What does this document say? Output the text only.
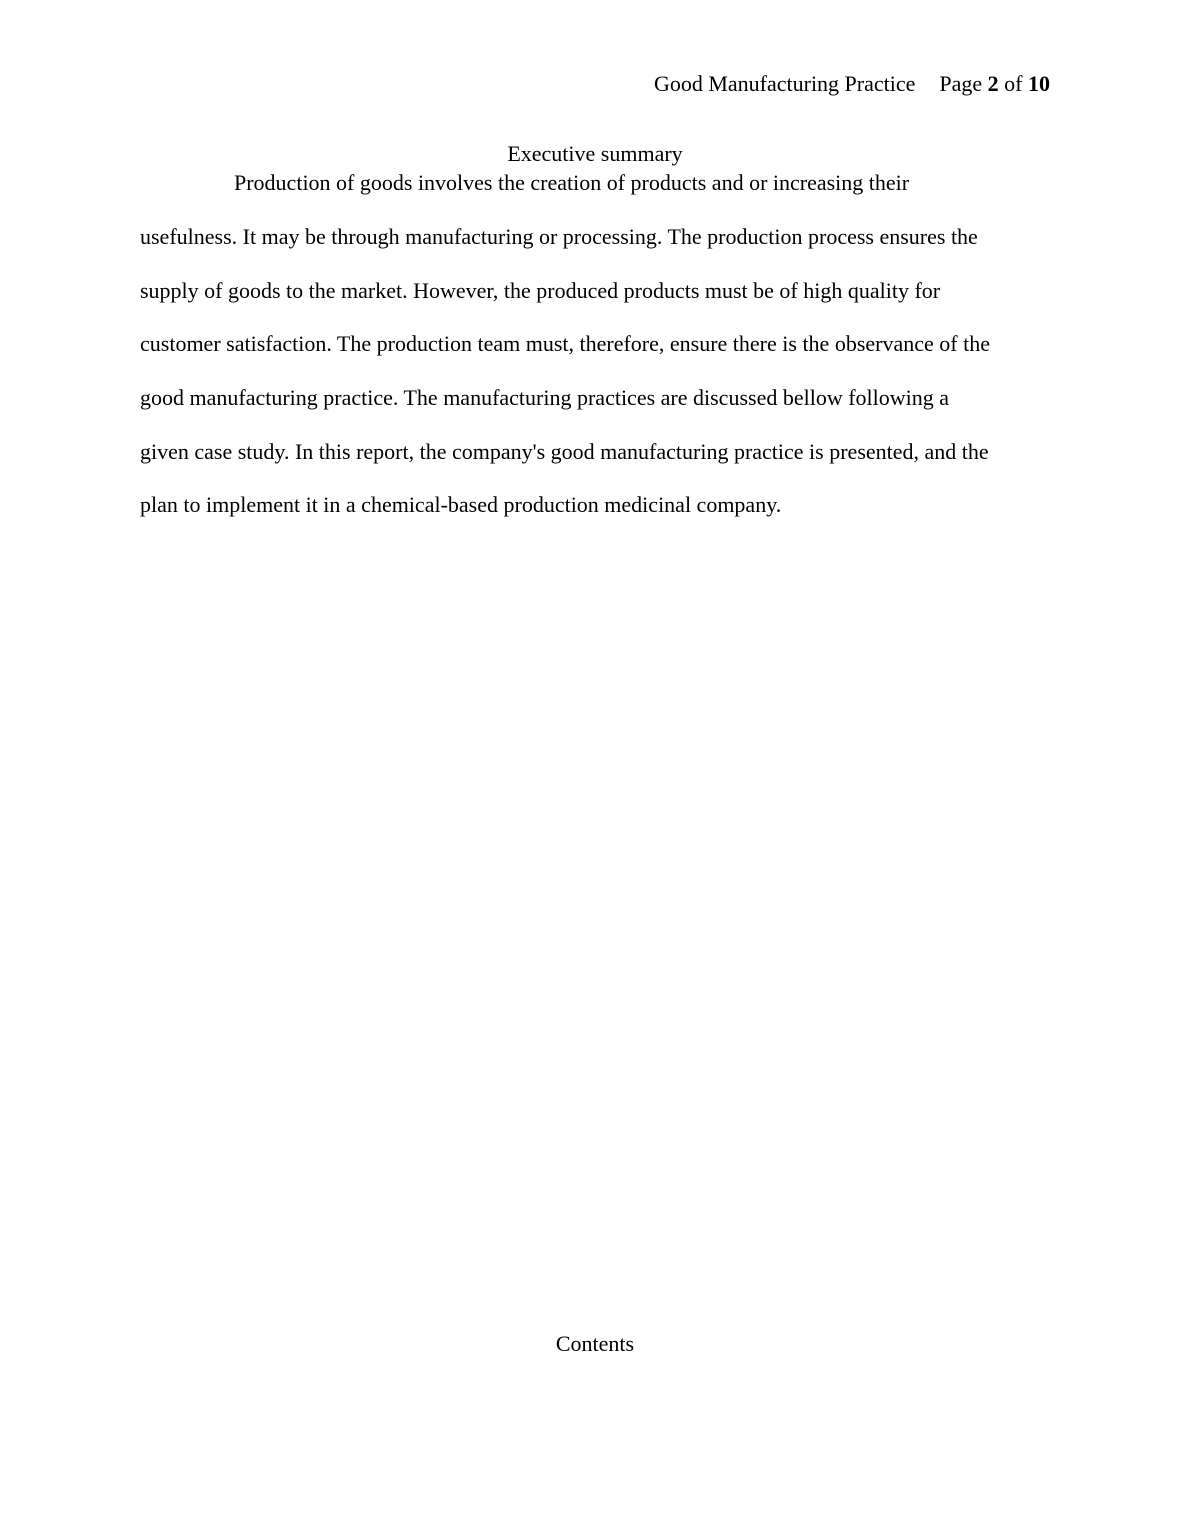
Good Manufacturing Practice Page 2 of 10
Executive summary
Production of goods involves the creation of products and or increasing their
usefulness. It may be through manufacturing or processing. The production process ensures the
supply of goods to the market. However, the produced products must be of high quality for
customer satisfaction. The production team must, therefore, ensure there is the observance of the
good manufacturing practice. The manufacturing practices are discussed bellow following a
given case study. In this report, the company's good manufacturing practice is presented, and the
plan to implement it in a chemical-based production medicinal company.
Contents
